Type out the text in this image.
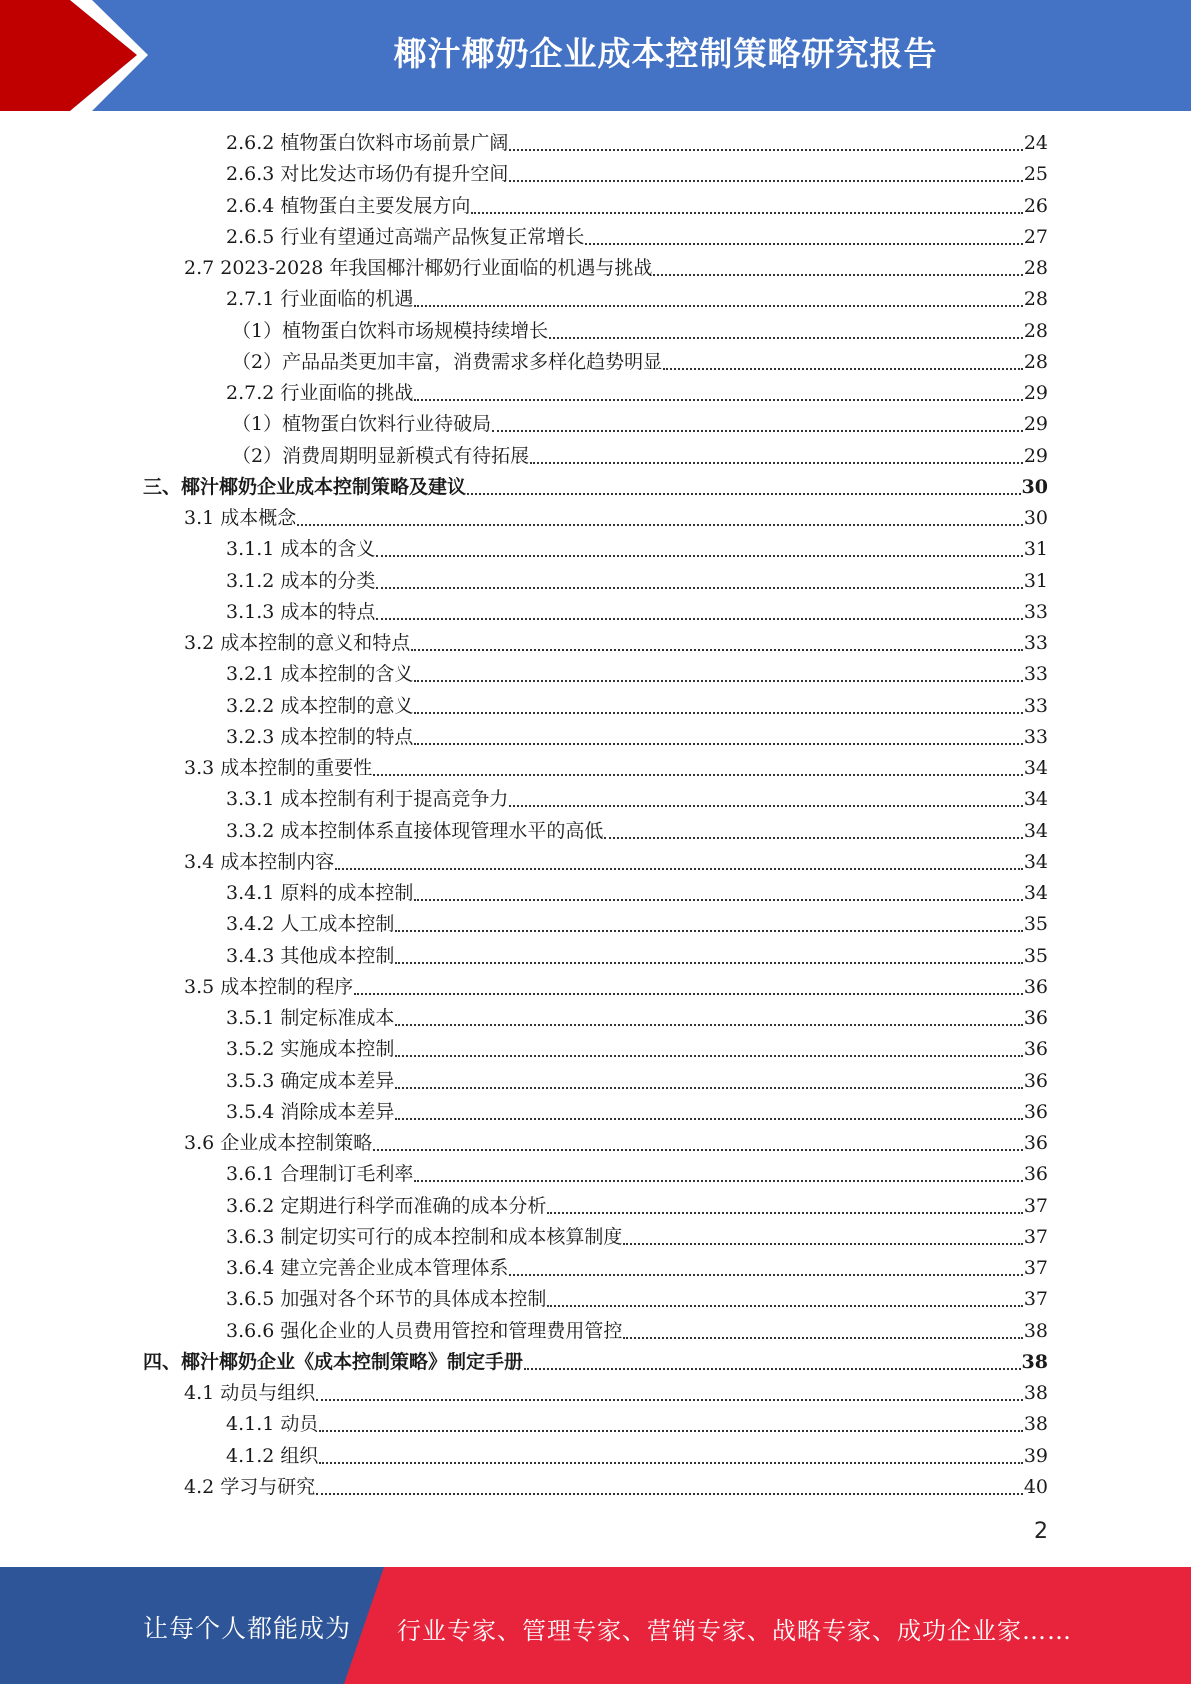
椰汁椰奶企业成本控制策略研究报告
2.6.2 植物蛋白饮料市场前景广阔	24
2.6.3 对比发达市场仍有提升空间	25
2.6.4 植物蛋白主要发展方向	26
2.6.5 行业有望通过高端产品恢复正常增长	27
2.7 2023-2028 年我国椰汁椰奶行业面临的机遇与挑战	28
2.7.1 行业面临的机遇	28
（1）植物蛋白饮料市场规模持续增长	28
（2）产品品类更加丰富，消费需求多样化趋势明显	28
2.7.2 行业面临的挑战	29
（1）植物蛋白饮料行业待破局	29
（2）消费周期明显新模式有待拓展	29
三、椰汁椰奶企业成本控制策略及建议	30
3.1 成本概念	30
3.1.1 成本的含义	31
3.1.2 成本的分类	31
3.1.3 成本的特点	33
3.2 成本控制的意义和特点	33
3.2.1 成本控制的含义	33
3.2.2 成本控制的意义	33
3.2.3 成本控制的特点	33
3.3 成本控制的重要性	34
3.3.1 成本控制有利于提高竞争力	34
3.3.2 成本控制体系直接体现管理水平的高低	34
3.4 成本控制内容	34
3.4.1 原料的成本控制	34
3.4.2 人工成本控制	35
3.4.3 其他成本控制	35
3.5 成本控制的程序	36
3.5.1 制定标准成本	36
3.5.2 实施成本控制	36
3.5.3 确定成本差异	36
3.5.4 消除成本差异	36
3.6 企业成本控制策略	36
3.6.1 合理制订毛利率	36
3.6.2 定期进行科学而准确的成本分析	37
3.6.3 制定切实可行的成本控制和成本核算制度	37
3.6.4 建立完善企业成本管理体系	37
3.6.5 加强对各个环节的具体成本控制	37
3.6.6 强化企业的人员费用管控和管理费用管控	38
四、椰汁椰奶企业《成本控制策略》制定手册	38
4.1 动员与组织	38
4.1.1 动员	38
4.1.2 组织	39
4.2 学习与研究	40
2
让每个人都能成为 行业专家、管理专家、营销专家、战略专家、成功企业家……
